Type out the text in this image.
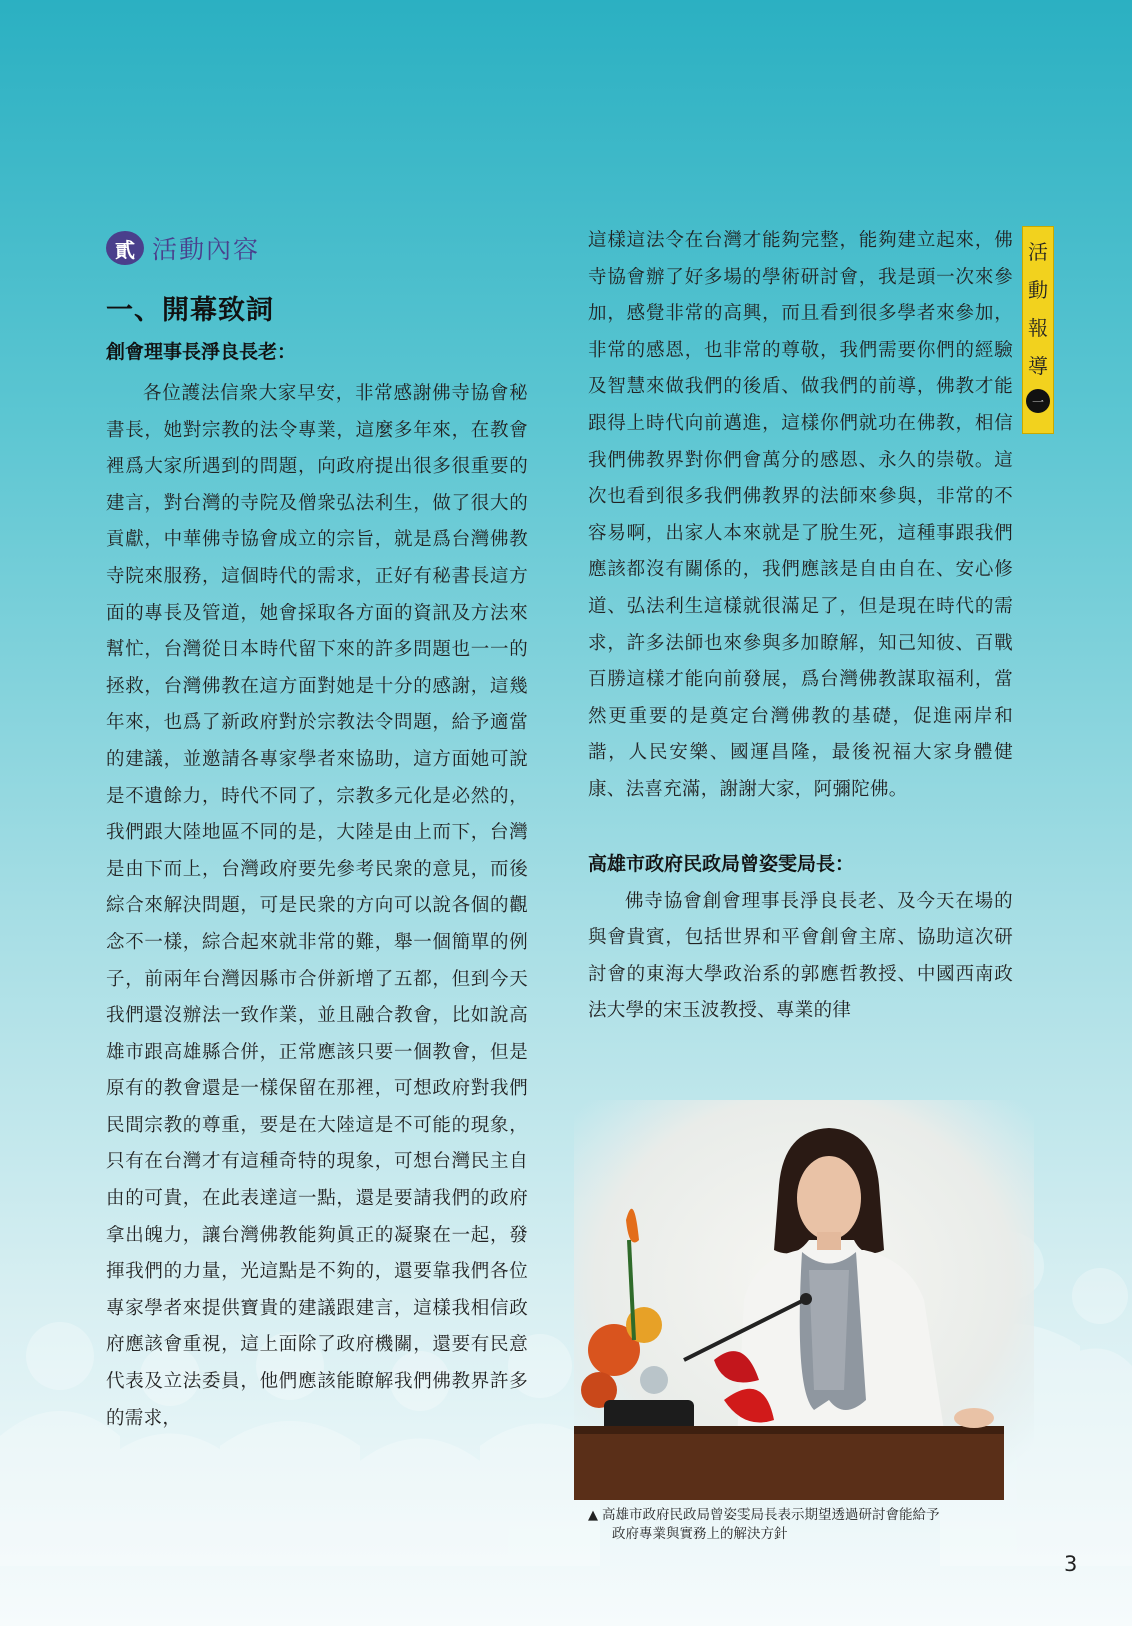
貳 活動內容
一、開幕致詞
創會理事長淨良長老：

各位護法信衆大家早安，非常感謝佛寺協會秘書長，她對宗教的法令專業，這麼多年來，在教會裡爲大家所遇到的問題，向政府提出很多很重要的建言，對台灣的寺院及僧衆弘法利生，做了很大的貢獻，中華佛寺協會成立的宗旨，就是爲台灣佛教寺院來服務，這個時代的需求，正好有秘書長這方面的專長及管道，她會採取各方面的資訊及方法來幫忙，台灣從日本時代留下來的許多問題也一一的拯救，台灣佛教在這方面對她是十分的感謝，這幾年來，也爲了新政府對於宗教法令問題，給予適當的建議，並邀請各專家學者來協助，這方面她可說是不遺餘力，時代不同了，宗教多元化是必然的，我們跟大陸地區不同的是，大陸是由上而下，台灣是由下而上，台灣政府要先參考民衆的意見，而後綜合來解決問題，可是民衆的方向可以說各個的觀念不一樣，綜合起來就非常的難，舉一個簡單的例子，前兩年台灣因縣市合併新增了五都，但到今天我們還沒辦法一致作業，並且融合教會，比如說高雄市跟高雄縣合併，正常應該只要一個教會，但是原有的教會還是一樣保留在那裡，可想政府對我們民間宗教的尊重，要是在大陸這是不可能的現象，只有在台灣才有這種奇特的現象，可想台灣民主自由的可貴，在此表達這一點，還是要請我們的政府拿出魄力，讓台灣佛教能夠眞正的凝聚在一起，發揮我們的力量，光這點是不夠的，還要靠我們各位專家學者來提供寶貴的建議跟建言，這樣我相信政府應該會重視，這上面除了政府機關，還要有民意代表及立法委員，他們應該能瞭解我們佛教界許多的需求，

這樣這法令在台灣才能夠完整，能夠建立起來，佛寺協會辦了好多場的學術研討會，我是頭一次來參加，感覺非常的高興，而且看到很多學者來參加，非常的感恩，也非常的尊敬，我們需要你們的經驗及智慧來做我們的後盾、做我們的前導，佛教才能跟得上時代向前邁進，這樣你們就功在佛教，相信我們佛教界對你們會萬分的感恩、永久的崇敬。這次也看到很多我們佛教界的法師來參與，非常的不容易啊，出家人本來就是了脫生死，這種事跟我們應該都沒有關係的，我們應該是自由自在、安心修道、弘法利生這樣就很滿足了，但是現在時代的需求，許多法師也來參與多加瞭解，知己知彼、百戰百勝這樣才能向前發展，爲台灣佛教謀取福利，當然更重要的是奠定台灣佛教的基礎，促進兩岸和諧，人民安樂、國運昌隆，最後祝福大家身體健康、法喜充滿，謝謝大家，阿彌陀佛。

高雄市政府民政局曾姿雯局長：

佛寺協會創會理事長淨良長老、及今天在場的與會貴賓，包括世界和平會創會主席、協助這次研討會的東海大學政治系的郭應哲教授、中國西南政法大學的宋玉波教授、專業的律

活
動
報
導
一
▲ 高雄市政府民政局曾姿雯局長表示期望透過研討會能給予
政府專業與實務上的解決方針
3
